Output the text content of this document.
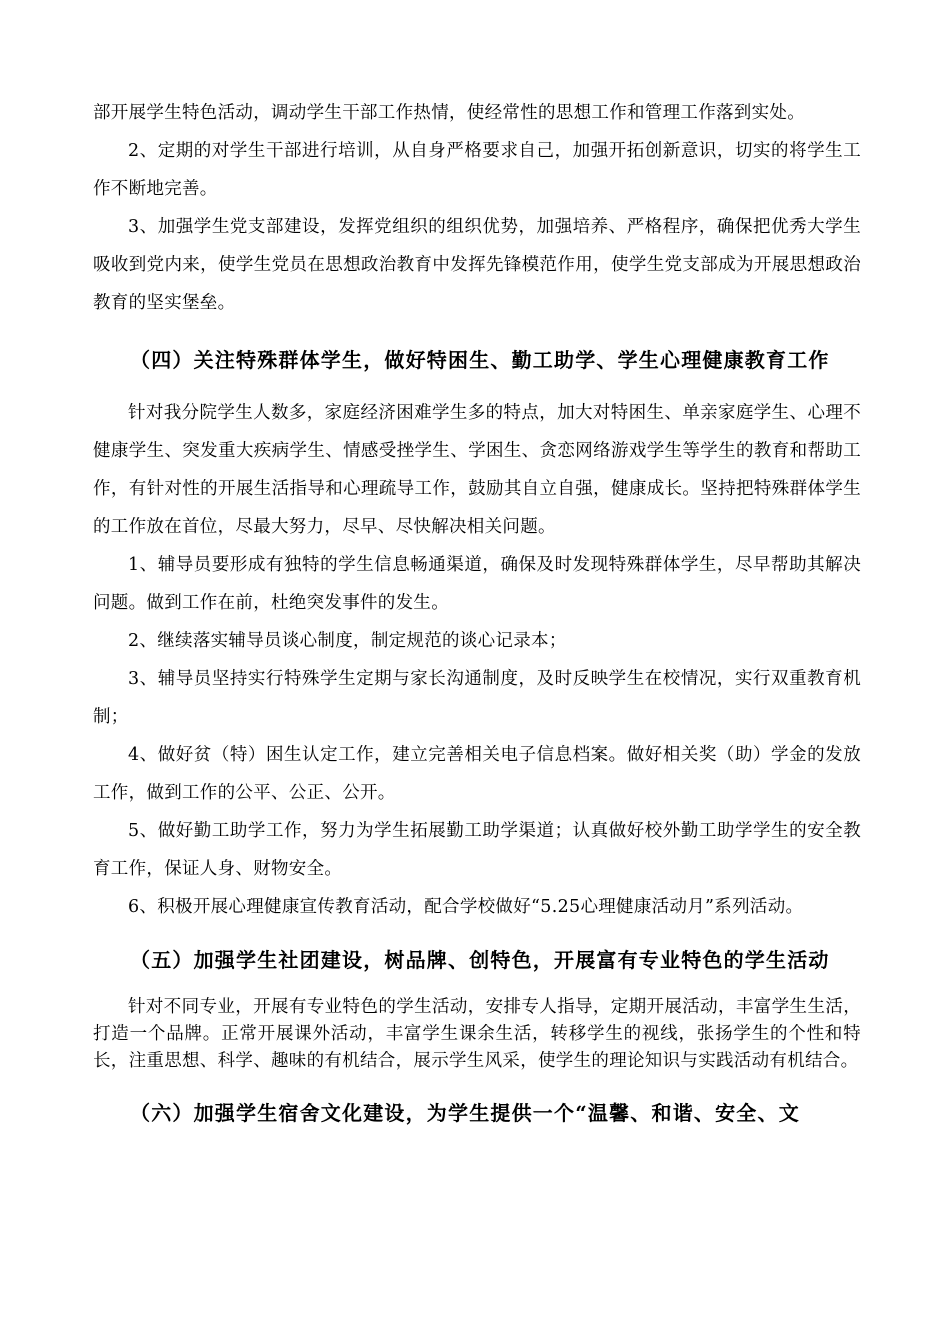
部开展学生特色活动，调动学生干部工作热情，使经常性的思想工作和管理工作落到实处。

2、定期的对学生干部进行培训，从自身严格要求自己，加强开拓创新意识，切实的将学生工作不断地完善。

3、加强学生党支部建设，发挥党组织的组织优势，加强培养、严格程序，确保把优秀大学生吸收到党内来，使学生党员在思想政治教育中发挥先锋模范作用，使学生党支部成为开展思想政治教育的坚实堡垒。

（四）关注特殊群体学生，做好特困生、勤工助学、学生心理健康教育工作

针对我分院学生人数多，家庭经济困难学生多的特点，加大对特困生、单亲家庭学生、心理不健康学生、突发重大疾病学生、情感受挫学生、学困生、贪恋网络游戏学生等学生的教育和帮助工作，有针对性的开展生活指导和心理疏导工作，鼓励其自立自强，健康成长。坚持把特殊群体学生的工作放在首位，尽最大努力，尽早、尽快解决相关问题。

1、辅导员要形成有独特的学生信息畅通渠道，确保及时发现特殊群体学生，尽早帮助其解决问题。做到工作在前，杜绝突发事件的发生。

2、继续落实辅导员谈心制度，制定规范的谈心记录本；

3、辅导员坚持实行特殊学生定期与家长沟通制度，及时反映学生在校情况，实行双重教育机制；

4、做好贫（特）困生认定工作，建立完善相关电子信息档案。做好相关奖（助）学金的发放工作，做到工作的公平、公正、公开。

5、做好勤工助学工作，努力为学生拓展勤工助学渠道；认真做好校外勤工助学学生的安全教育工作，保证人身、财物安全。

6、积极开展心理健康宣传教育活动，配合学校做好“5.25心理健康活动月”系列活动。

（五）加强学生社团建设，树品牌、创特色，开展富有专业特色的学生活动

针对不同专业，开展有专业特色的学生活动，安排专人指导，定期开展活动，丰富学生生活，打造一个品牌。正常开展课外活动，丰富学生课余生活，转移学生的视线，张扬学生的个性和特长，注重思想、科学、趣味的有机结合，展示学生风采，使学生的理论知识与实践活动有机结合。

（六）加强学生宿舍文化建设，为学生提供一个“温馨、和谐、安全、文
